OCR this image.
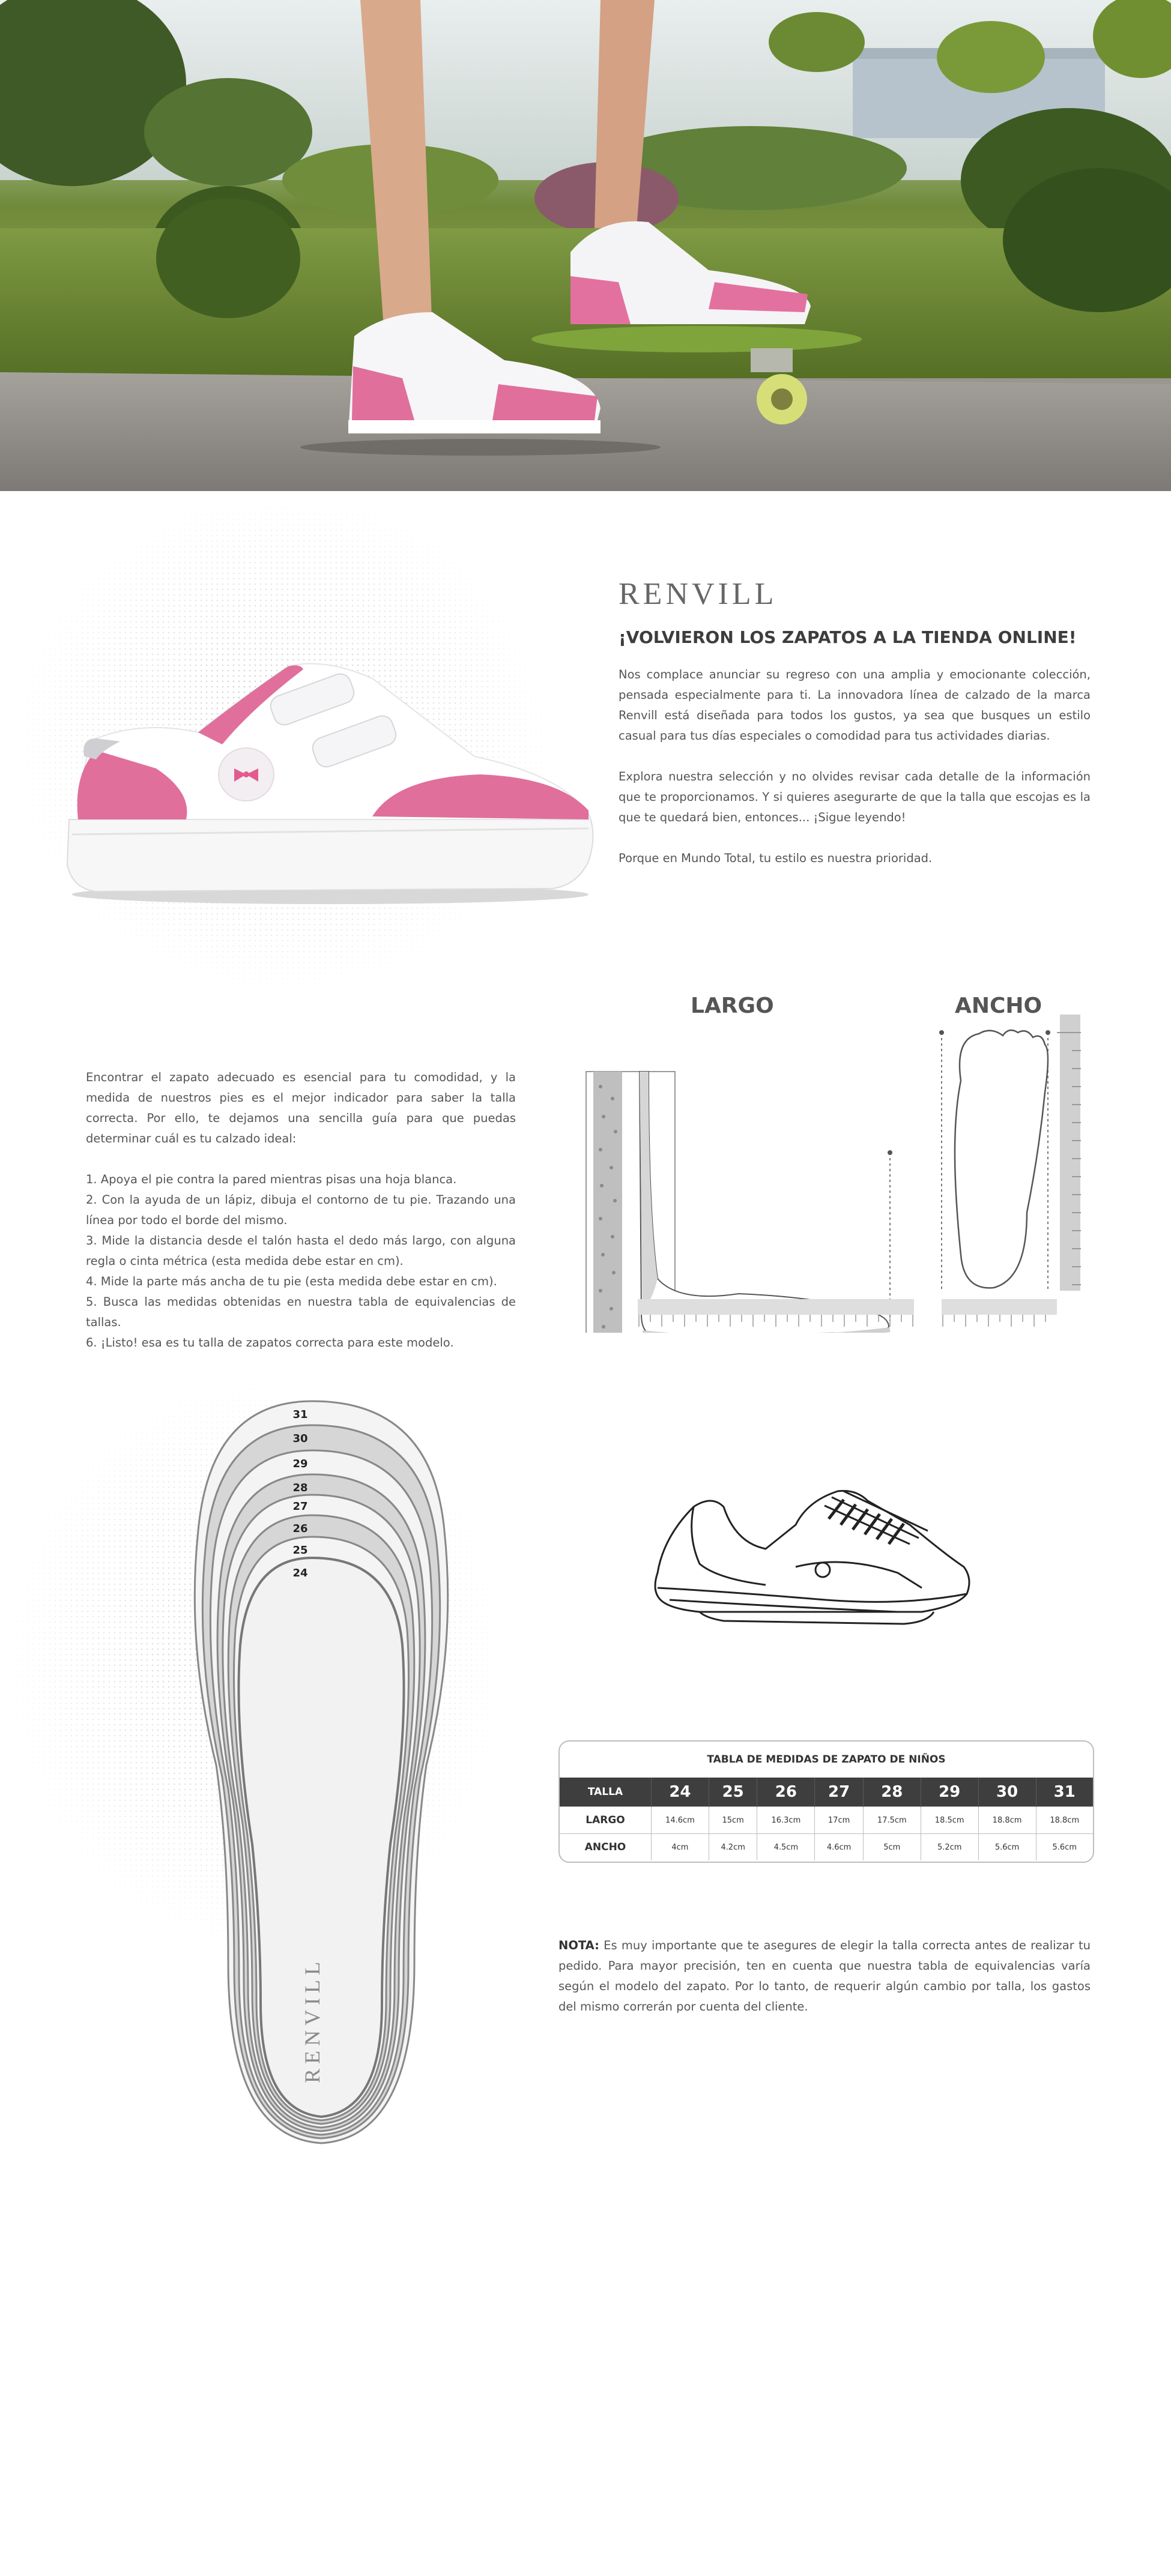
RENVILL
¡VOLVIERON LOS ZAPATOS A LA TIENDA ONLINE!

Nos complace anunciar su regreso con una amplia y emocionante colección, pensada especialmente para ti. La innovadora línea de calzado de la marca Renvill está diseñada para todos los gustos, ya sea que busques un estilo casual para tus días especiales o comodidad para tus actividades diarias.

Explora nuestra selección y no olvides revisar cada detalle de la información que te proporcionamos. Y si quieres asegurarte de que la talla que escojas es la que te quedará bien, entonces... ¡Sigue leyendo!

Porque en Mundo Total, tu estilo es nuestra prioridad.

LARGO	ANCHO

Encontrar el zapato adecuado es esencial para tu comodidad, y la medida de nuestros pies es el mejor indicador para saber la talla correcta. Por ello, te dejamos una sencilla guía para que puedas determinar cuál es tu calzado ideal:

1. Apoya el pie contra la pared mientras pisas una hoja blanca.

2. Con la ayuda de un lápiz, dibuja el contorno de tu pie. Trazando una línea por todo el borde del mismo.

3. Mide la distancia desde el talón hasta el dedo más largo, con alguna regla o cinta métrica (esta medida debe estar en cm).

4. Mide la parte más ancha de tu pie (esta medida debe estar en cm).

5. Busca las medidas obtenidas en nuestra tabla de equivalencias de tallas.

6. ¡Listo! esa es tu talla de zapatos correcta para este modelo.

31
30
29
28
27
26
25
24
RENVILL
TABLA DE MEDIDAS DE ZAPATO DE NIÑOS								
TALLA	24	25	26	27	28	29	30	31
LARGO	14.6cm	15cm	16.3cm	17cm	17.5cm	18.5cm	18.8cm	18.8cm
ANCHO	4cm	4.2cm	4.5cm	4.6cm	5cm	5.2cm	5.6cm	5.6cm

NOTA: Es muy importante que te asegures de elegir la talla correcta antes de realizar tu pedido. Para mayor precisión, ten en cuenta que nuestra tabla de equivalencias varía según el modelo del zapato. Por lo tanto, de requerir algún cambio por talla, los gastos del mismo correrán por cuenta del cliente.
